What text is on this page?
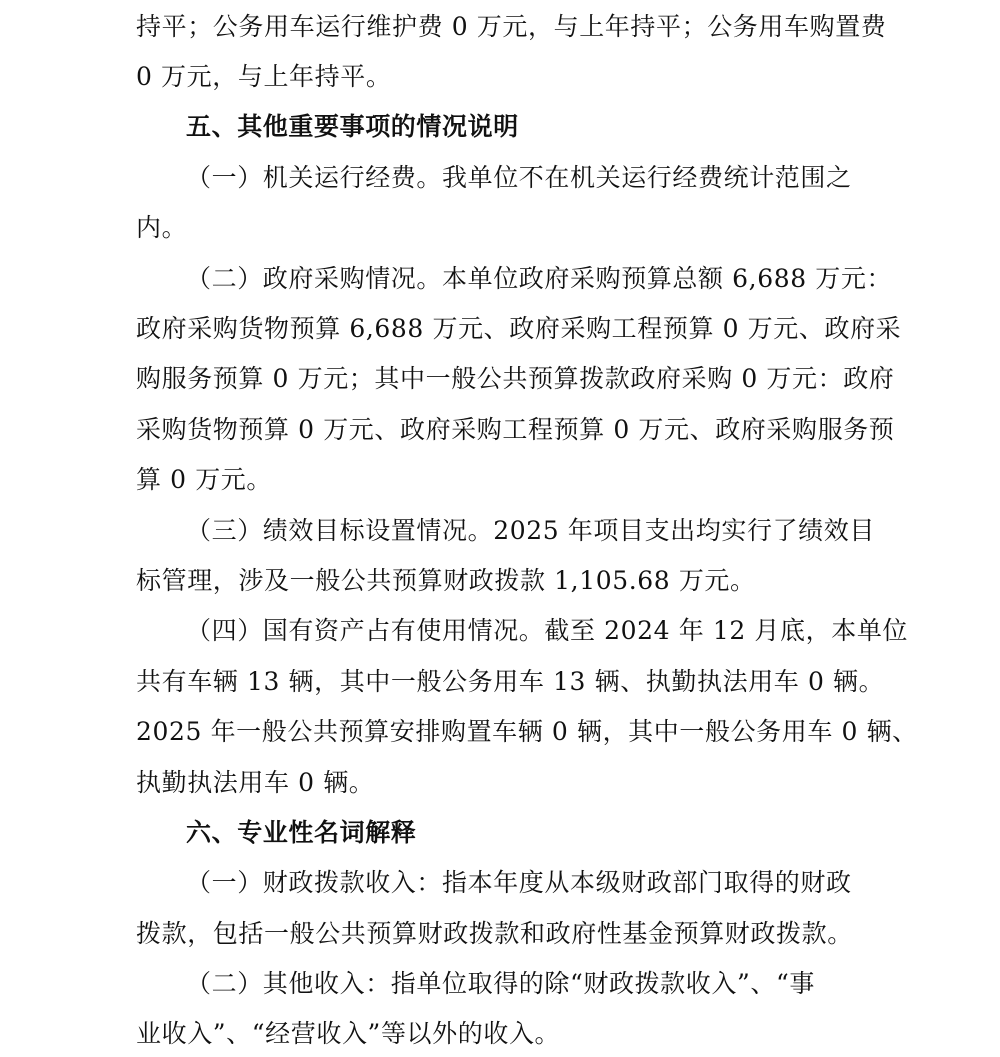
持平；公务用车运行维护费 0 万元，与上年持平；公务用车购置费
0 万元，与上年持平。
五、其他重要事项的情况说明
（一）机关运行经费。我单位不在机关运行经费统计范围之
内。
（二）政府采购情况。本单位政府采购预算总额 6,688 万元：
政府采购货物预算 6,688 万元、政府采购工程预算 0 万元、政府采
购服务预算 0 万元；其中一般公共预算拨款政府采购 0 万元：政府
采购货物预算 0 万元、政府采购工程预算 0 万元、政府采购服务预
算 0 万元。
（三）绩效目标设置情况。2025 年项目支出均实行了绩效目
标管理，涉及一般公共预算财政拨款 1,105.68 万元。
（四）国有资产占有使用情况。截至 2024 年 12 月底，本单位
共有车辆 13 辆，其中一般公务用车 13 辆、执勤执法用车 0 辆。
2025 年一般公共预算安排购置车辆 0 辆，其中一般公务用车 0 辆、
执勤执法用车 0 辆。
六、专业性名词解释
（一）财政拨款收入：指本年度从本级财政部门取得的财政
拨款，包括一般公共预算财政拨款和政府性基金预算财政拨款。
（二）其他收入：指单位取得的除“财政拨款收入”、“事
业收入”、“经营收入”等以外的收入。
